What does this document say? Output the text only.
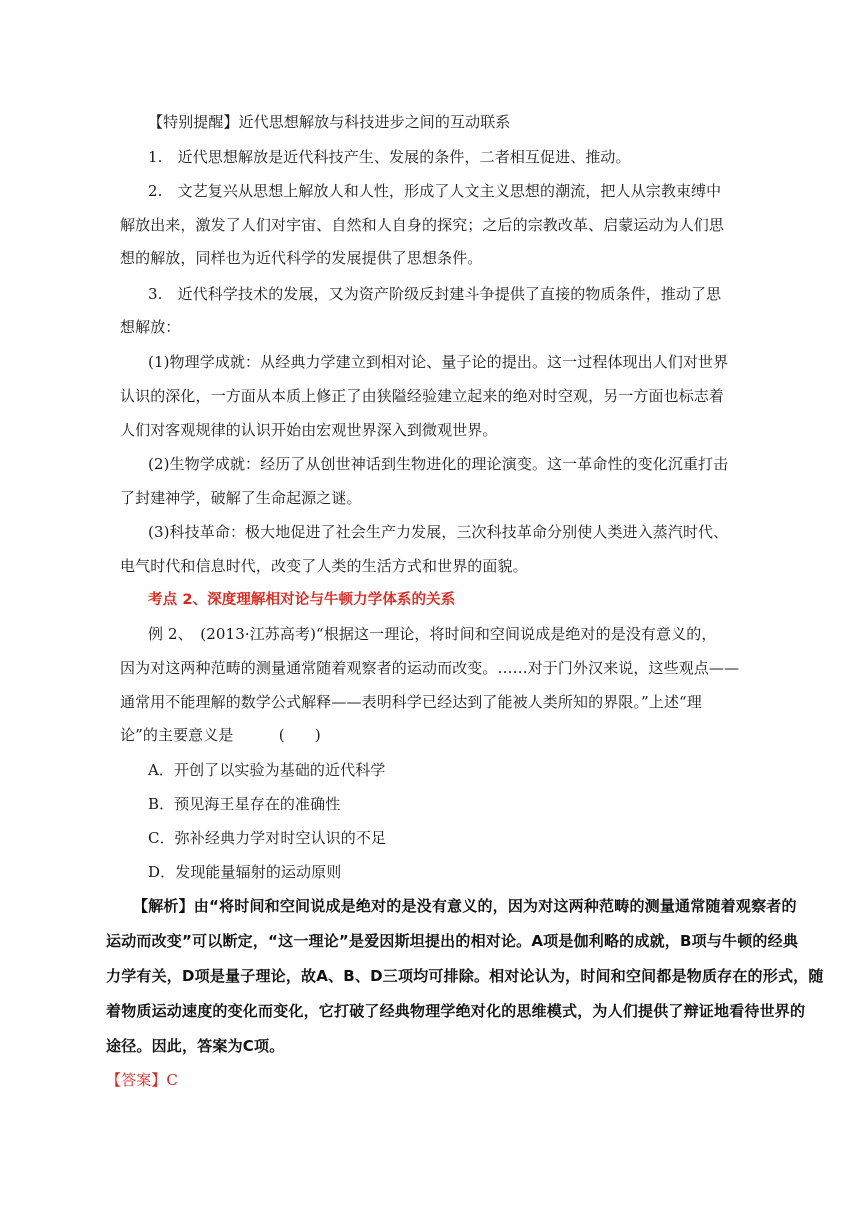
【特别提醒】近代思想解放与科技进步之间的互动联系
1.　近代思想解放是近代科技产生、发展的条件，二者相互促进、推动。
2.　文艺复兴从思想上解放人和人性，形成了人文主义思想的潮流，把人从宗教束缚中
解放出来，激发了人们对宇宙、自然和人自身的探究；之后的宗教改革、启蒙运动为人们思
想的解放，同样也为近代科学的发展提供了思想条件。
3.　近代科学技术的发展，又为资产阶级反封建斗争提供了直接的物质条件，推动了思
想解放：
(1)物理学成就：从经典力学建立到相对论、量子论的提出。这一过程体现出人们对世界
认识的深化，一方面从本质上修正了由狭隘经验建立起来的绝对时空观，另一方面也标志着
人们对客观规律的认识开始由宏观世界深入到微观世界。
(2)生物学成就：经历了从创世神话到生物进化的理论演变。这一革命性的变化沉重打击
了封建神学，破解了生命起源之谜。
(3)科技革命：极大地促进了社会生产力发展，三次科技革命分别使人类进入蒸汽时代、
电气时代和信息时代，改变了人类的生活方式和世界的面貌。
考点 2、深度理解相对论与牛顿力学体系的关系
例 2、　(2013·江苏高考)“根据这一理论，将时间和空间说成是绝对的是没有意义的，
因为对这两种范畴的测量通常随着观察者的运动而改变。……对于门外汉来说，这些观点——
通常用不能理解的数学公式解释——表明科学已经达到了能被人类所知的界限。”上述“理
论”的主要意义是　　　(　　)
A．开创了以实验为基础的近代科学
B．预见海王星存在的准确性
C．弥补经典力学对时空认识的不足
D．发现能量辐射的运动原则
【解析】由“将时间和空间说成是绝对的是没有意义的，因为对这两种范畴的测量通常随着观察者的
运动而改变”可以断定，“这一理论”是爱因斯坦提出的相对论。A项是伽利略的成就，B项与牛顿的经典
力学有关，D项是量子理论，故A、B、D三项均可排除。相对论认为，时间和空间都是物质存在的形式，随
着物质运动速度的变化而变化，它打破了经典物理学绝对化的思维模式，为人们提供了辩证地看待世界的
途径。因此，答案为C项。
【答案】C
